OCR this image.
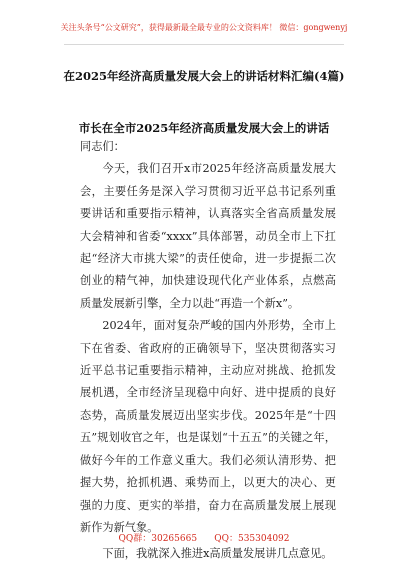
关注头条号“公文研究”，获得最新最全最专业的公文资料库！ 微信：gongwenyj
在2025年经济高质量发展大会上的讲话材料汇编(4篇)
市长在全市2025年经济高质量发展大会上的讲话

同志们：

今天，我们召开x市2025年经济高质量发展大会，主要任务是深入学习贯彻习近平总书记系列重要讲话和重要指示精神，认真落实全省高质量发展大会精神和省委“xxxx”具体部署，动员全市上下扛起“经济大市挑大梁”的责任使命，进一步提振二次创业的精气神，加快建设现代化产业体系，点燃高质量发展新引擎，全力以赴“再造一个新x”。

2024年，面对复杂严峻的国内外形势，全市上下在省委、省政府的正确领导下，坚决贯彻落实习近平总书记重要指示精神，主动应对挑战、抢抓发展机遇，全市经济呈现稳中向好、进中提质的良好态势，高质量发展迈出坚实步伐。2025年是“十四五”规划收官之年，也是谋划“十五五”的关键之年，做好今年的工作意义重大。我们必须认清形势、把握大势，抢抓机遇、乘势而上，以更大的决心、更强的力度、更实的举措，奋力在高质量发展上展现新作为新气象。

下面，我就深入推进x高质量发展讲几点意见。

QQ群：30265665      QQ：535304092
